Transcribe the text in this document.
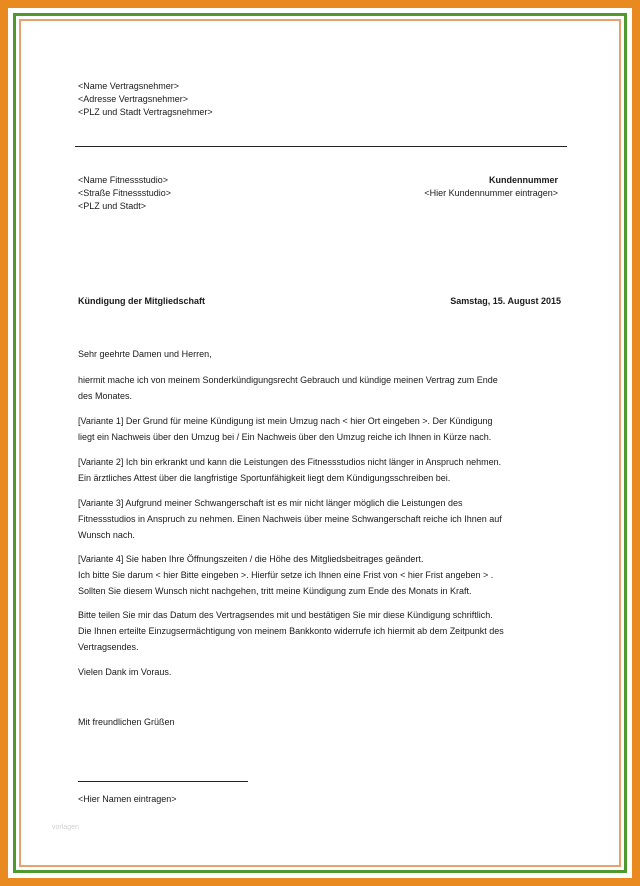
<Name Vertragsnehmer>
<Adresse Vertragsnehmer>
<PLZ und Stadt Vertragsnehmer>
<Name Fitnessstudio>
<Straße Fitnessstudio>
<PLZ und Stadt>
Kundennummer
<Hier Kundennummer eintragen>
Kündigung der Mitgliedschaft	Samstag, 15. August 2015
Sehr geehrte Damen und Herren,
hiermit mache ich von meinem Sonderkündigungsrecht Gebrauch und kündige meinen Vertrag zum Ende
des Monates.
[Variante 1] Der Grund für meine Kündigung ist mein Umzug nach < hier Ort eingeben >. Der Kündigung
liegt ein Nachweis über den Umzug bei / Ein Nachweis über den Umzug reiche ich Ihnen in Kürze nach.
[Variante 2] Ich bin erkrankt und kann die Leistungen des Fitnessstudios nicht länger in Anspruch nehmen.
Ein ärztliches Attest über die langfristige Sportunfähigkeit liegt dem Kündigungsschreiben bei.
[Variante 3] Aufgrund meiner Schwangerschaft ist es mir nicht länger möglich die Leistungen des
Fitnessstudios in Anspruch zu nehmen. Einen Nachweis über meine Schwangerschaft reiche ich Ihnen auf
Wunsch nach.
[Variante 4] Sie haben Ihre Öffnungszeiten / die Höhe des Mitgliedsbeitrages geändert.
Ich bitte Sie darum < hier Bitte eingeben >. Hierfür setze ich Ihnen eine Frist von < hier Frist angeben > .
Sollten Sie diesem Wunsch nicht nachgehen, tritt meine Kündigung zum Ende des Monats in Kraft.
Bitte teilen Sie mir das Datum des Vertragsendes mit und bestätigen Sie mir diese Kündigung schriftlich.
Die Ihnen erteilte Einzugsermächtigung von meinem Bankkonto widerrufe ich hiermit ab dem Zeitpunkt des
Vertragsendes.
Vielen Dank im Voraus.
Mit freundlichen Grüßen
<Hier Namen eintragen>
vorlagen
